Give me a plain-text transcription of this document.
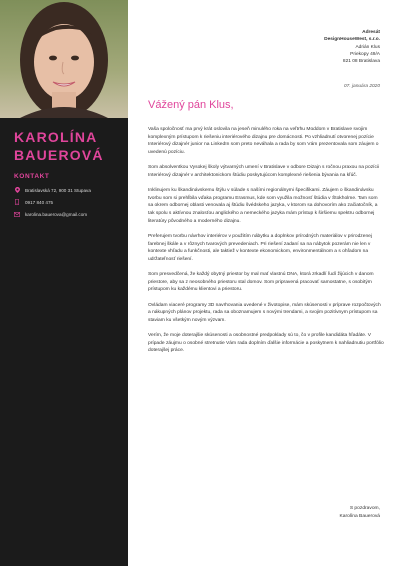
KAROLÍNA
BAUEROVÁ
KONTAKT
Bratislavská 72, 900 31 Stupava
0917 840 475
karolina.bauerova@gmail.com
Adresát
DesignHouseWest, s.r.o.
Adrián Klus
Priekopy 49/A
821 08 Bratislava
07. januára 2020
Vážený pán Klus,

Vaša spoločnosť ma prvý krát oslovila na jeseň minulého roka na veľtrhu Moddom v Bratislave svojim komplexným prístupom k riešeniu interiérového dizajnu pre domácnosti. Po vzhliadnutí otvorenej pozície Interiérový dizajnér junior na LinkedIn som preto neváhala a rada by som Vám prezentovala som záujem o uvedenú pozíciu.

Som absolventkou Vysokej školy výtvarných umení v Bratislave v odbore Dizajn s ročnou praxou na pozícii Interiérový dizajnér v architektonickom štúdiu poskytujúcom komplexné riešenia bývania na kľúč.

Inklinujem ku škandinávskemu štýlu v súlade s našími regionálnymi špecifikami. Záujem o škandinávsku tvorbu som si prehĺbila vďaka programu Erasmus, kde som využila možnosť štúdia v Štokholme. Tam som sa okrem odbornej oblasti venovala aj štúdiu švédskeho jazyka, v ktorom sa dohovorím ako začiatočník, a tak spolu s aktívnou znalosťou anglického a nemeckého jazyka mám prístup k širšiemu spektru odbornej literatúry pôvodného a moderného dizajnu.

Preferujem tvorbu návrhov interiérov v použitím nábytku a doplnkov prírodných materiálov v prirodzenej farebnej škále a v rôznych tvarových prevedeniach. Pri riešení zadaní sa na nábytok pozerám nie len v kontexte vhľadu a funkčnosti, ale taktiež v kontexte ekonomickom, environmentálnom a s ohľadom na udržateľnosť riešení.

Som presvedčená, že každý obytný priestor by mal mať vlastnú DNA, ktorá zrkadlí ľudí žijúcich v danom priestore, aby sa z neosobného priestoru stal domov. Som pripravená pracovať samostatne, s osobitým prístupom ku každému klientovi a priestoru.

Ovládam viaceré programy 3D navrhovania uvedené v životopise, mám skúsenosti v príprave rozpočtových a nákupných plánov projektu, rada sa oboznamujem s novými trendami, a svojim pozitívnym prístupom sa staviam ku všetkým novým výzvam.

Verím, že moje doterajšie skúsenosti a osobnostné predpoklady sú to, čo v profile kandidáta hľadáte. V prípade záujmu o osobné stretnutie Vám rada doplním ďalšie informácie a poskytnem k nahliadnutiu portfólio doterajšej práce.

S pozdravom,
Karolína Bauerová
